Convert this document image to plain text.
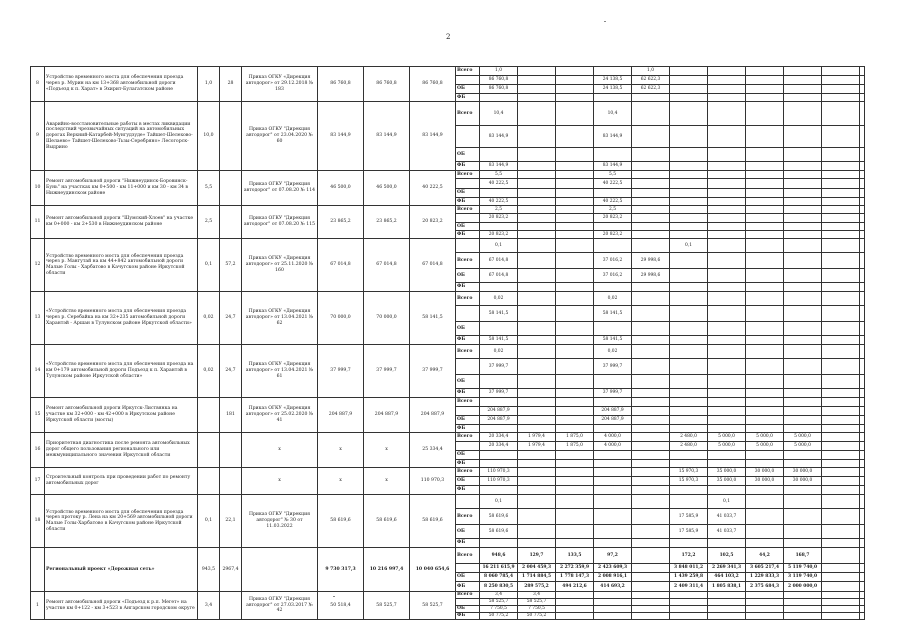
2
8	Устройство временного моста для обеспечения проезда через р. Мурин на км 13+368 автомобильной дороги «Подъезд к п. Харат» в Эхирит-Булагатском районе	1,0	28	Приказ ОГКУ «Дирекция автодорог» от 29.12.2018 № 183	86 760,8	86 760,8	86 760,8	Всего	1,0				1,0						
									86 760,8			24 138,5	62 622,3						
								ОБ	86 760,8			24 138,5	62 622,3						
								ФБ											
9	Аварийно-восстановительные работы в местах ликвидации последствий чрезвычайных ситуаций на автомобильных дорогах Верхний-Катарбей-Мунгудзуде» Тайшет-Шелехово-Шелаево» Тайшет-Шелехово-Тьзы-Серебряно» Лесогорск-Выдрино	10,0		Приказ ОГКУ "Дирекция автодорог" от 23.04.2020 № 60	83 144,9	83 144,9	83 144,9	Всего	10,4			10,4							
									83 144,9			83 144,9							
								ОБ											
								ФБ	83 144,9			83 144,9							
10	Ремонт автомобильной дороги "Нижнеудинск-Боровинск-Бунь" на участках км 0+500 - км 11+000 и км 30 - км 34 в Нижнеудинском районе	5,5		Приказ ОГКУ "Дирекция автодорог" от 07.08.20 № 114	46 500,0	46 500,0	40 222,5	Всего	5,5			5,5							
									40 222,5			40 222,5							
								ОБ											
								ФБ	40 222,5			40 222,5							
11	Ремонт автомобильной дороги "Шумский-Хлоев" на участке км 0+000 - км 2+530 в Нижнеудинском районе	2,5		Приказ ОГКУ "Дирекция автодорог" от 07.08.20 № 115	23 865,2	23 865,2	20 823,2	Всего	2,5			2,5							
									20 823,2			20 823,2							
								ОБ											
								ФБ	20 823,2			20 823,2							
12	Устройство временного моста для обеспечения проезда через р. Мангутай на км 44+842 автомобильной дороги Малые Голы - Харбатово в Качугском районе Иркутской области	0,1	57,2	Приказ ОГКУ «Дирекция автодорог» от 25.11.2020 № 160	67 014,8	67 014,8	67 014,8		0,1					0,1					
								Всего	67 014,8			37 016,2	29 998,6						
								ОБ	67 014,8			37 016,2	29 998,6						
								ФБ											
13	«Устройство временного моста для обеспечения проезда через р. Серебайка на км 32+235 автомобильной дороги Харантэй - Аршан в Тулунском районе Иркутской области»	0,02	24,7	Приказ ОГКУ «Дирекция автодорог» от 13.04.2021 № 62	70 000,0	70 000,0	58 141,5	Всего	0,02			0,02							
									58 141,5			58 141,5							
								ОБ											
								ФБ	58 141,5			58 141,5							
14	«Устройство временного моста для обеспечения проезда на км 0+179 автомобильной дороги Подъезд к п. Харантэй в Тулунском районе Иркутской области»	0,02	24,7	Приказ ОГКУ «Дирекция автодорог» от 13.04.2021 № 61	37 999,7	37 999,7	37 999,7	Всего	0,02			0,02							
									37 999,7			37 999,7							
								ОБ											
								ФБ	37 999,7			37 999,7							
15	Ремонт автомобильной дороги Иркутск-Листвянка на участке км 32+000 - км 42+000 в Иркутском районе Иркутской области (мосты)		181	Приказ ОГКУ «Дирекция автодорог» от 25.02.2020 № 41	204 887,9	204 887,9	204 887,9	Всего											
									204 887,9			204 887,9							
								ОБ	204 887,9			204 887,9							
								ФБ											
16	Приоритетная диагностика после ремонта автомобильных дорог общего пользования регионального или межмуниципального значения Иркутской области			x	x	x	25 334,4	Всего	20 334,4	1 979,4	1 875,0	4 000,0		2 480,0	5 000,0	5 000,0	5 000,0		
									20 334,4	1 979,4	1 875,0	4 000,0		2 480,0	5 000,0	5 000,0	5 000,0		
								ОБ											
								ФБ											
17	Строительный контроль при проведении работ по ремонту автомобильных дорог			x	x	x	110 970,3	Всего	110 970,3					15 970,3	35 000,0	30 000,0	30 000,0		
								ОБ	110 970,3					15 970,3	35 000,0	30 000,0	30 000,0		
								ФБ											
18	Устройство временного моста для обеспечения проезда через протоку р. Лена на км 20+569 автомобильной дороги Малые Голы-Харбатово в Качугском районе Иркутской области	0,1	22,1	Приказ ОГКУ "Дирекция автодорог" № 30 от 11.03.2022	58 619,6	58 619,6	58 619,6		0,1						0,1				
								Всего	58 619,6					17 585,9	41 033,7				
								ОБ	58 619,6					17 585,9	41 033,7				
								ФБ											
	Региональный проект «Дорожная сеть»	943,5	2967,4		9 730 317,3	10 216 997,4	10 040 654,6	Всего	948,6	129,7	133,5	97,2		172,2	102,5	44,2	168,7		
									16 211 615,9	2 004 459,3	2 272 359,9	2 423 609,3		3 848 011,2	2 269 341,3	3 605 217,4	5 119 740,0		
								ОБ	8 060 785,4	1 714 884,5	1 778 147,3	2 008 916,1		1 439 259,8	464 103,2	1 229 833,3	3 119 740,0		
								ФБ	8 250 830,5	289 575,2	494 212,6	414 693,2		2 409 311,4	1 805 838,1	2 375 684,3	2 000 000,0		
1	Ремонт автомобильной дороги «Подъезд к р.п. Мегет» на участке км 0+122 - км 3+523 в Ангарском городском округе	3,4		Приказ ОГКУ "Дирекция автодорог" от 27.03.2017 № 42	50 518,4	58 525,7	58 525,7	Всего	3,4	3,4									
									58 525,7	58 525,7									
								ОБ	7 750,5	7 750,5									
								ФБ	50 775,2	50 775,2									
